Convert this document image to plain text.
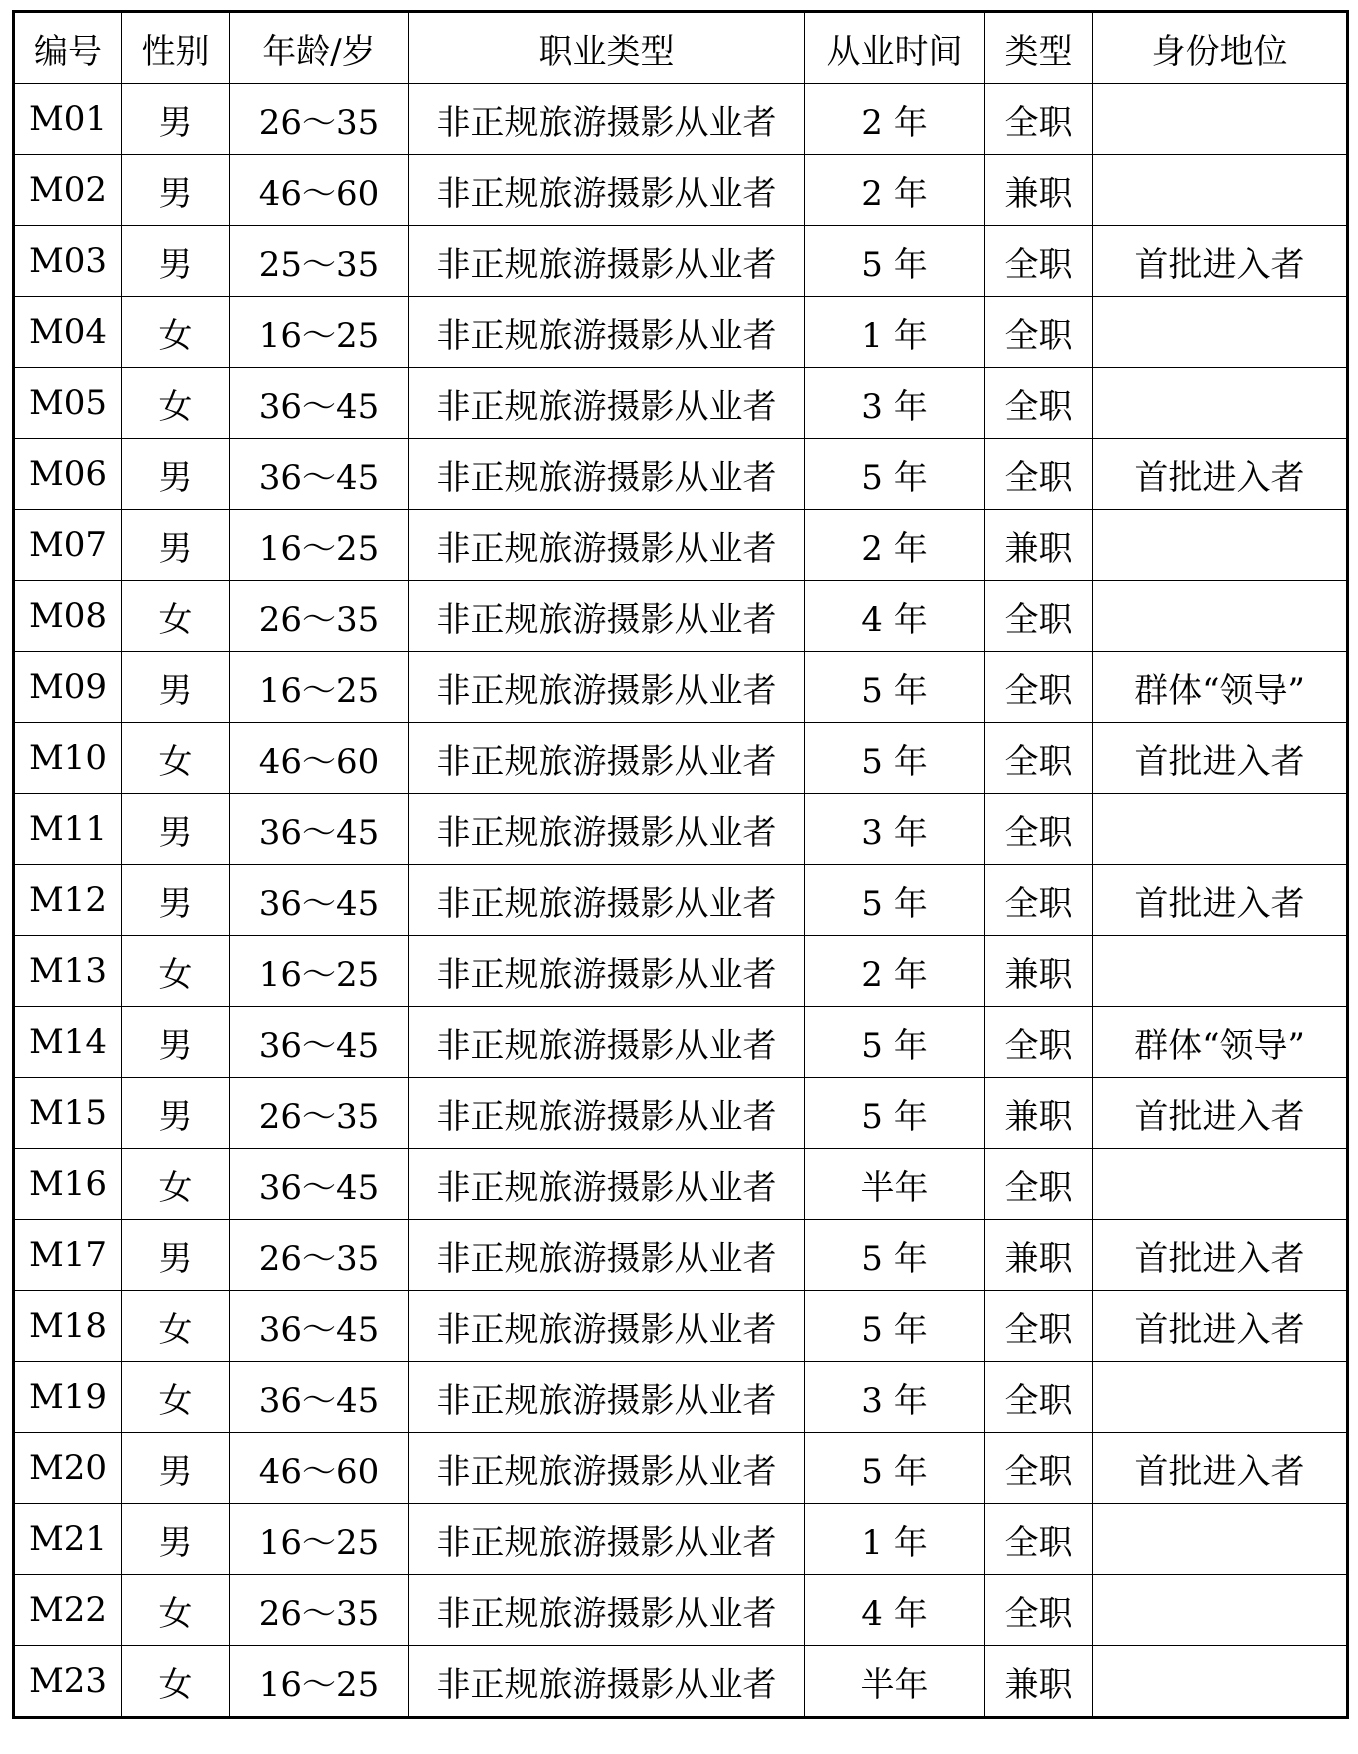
编号	性别	年龄/岁	职业类型	从业时间	类型	身份地位
M01	男	26～35	非正规旅游摄影从业者	2 年	全职	
M02	男	46～60	非正规旅游摄影从业者	2 年	兼职	
M03	男	25～35	非正规旅游摄影从业者	5 年	全职	首批进入者
M04	女	16～25	非正规旅游摄影从业者	1 年	全职	
M05	女	36～45	非正规旅游摄影从业者	3 年	全职	
M06	男	36～45	非正规旅游摄影从业者	5 年	全职	首批进入者
M07	男	16～25	非正规旅游摄影从业者	2 年	兼职	
M08	女	26～35	非正规旅游摄影从业者	4 年	全职	
M09	男	16～25	非正规旅游摄影从业者	5 年	全职	群体“领导”
M10	女	46～60	非正规旅游摄影从业者	5 年	全职	首批进入者
M11	男	36～45	非正规旅游摄影从业者	3 年	全职	
M12	男	36～45	非正规旅游摄影从业者	5 年	全职	首批进入者
M13	女	16～25	非正规旅游摄影从业者	2 年	兼职	
M14	男	36～45	非正规旅游摄影从业者	5 年	全职	群体“领导”
M15	男	26～35	非正规旅游摄影从业者	5 年	兼职	首批进入者
M16	女	36～45	非正规旅游摄影从业者	半年	全职	
M17	男	26～35	非正规旅游摄影从业者	5 年	兼职	首批进入者
M18	女	36～45	非正规旅游摄影从业者	5 年	全职	首批进入者
M19	女	36～45	非正规旅游摄影从业者	3 年	全职	
M20	男	46～60	非正规旅游摄影从业者	5 年	全职	首批进入者
M21	男	16～25	非正规旅游摄影从业者	1 年	全职	
M22	女	26～35	非正规旅游摄影从业者	4 年	全职	
M23	女	16～25	非正规旅游摄影从业者	半年	兼职	
